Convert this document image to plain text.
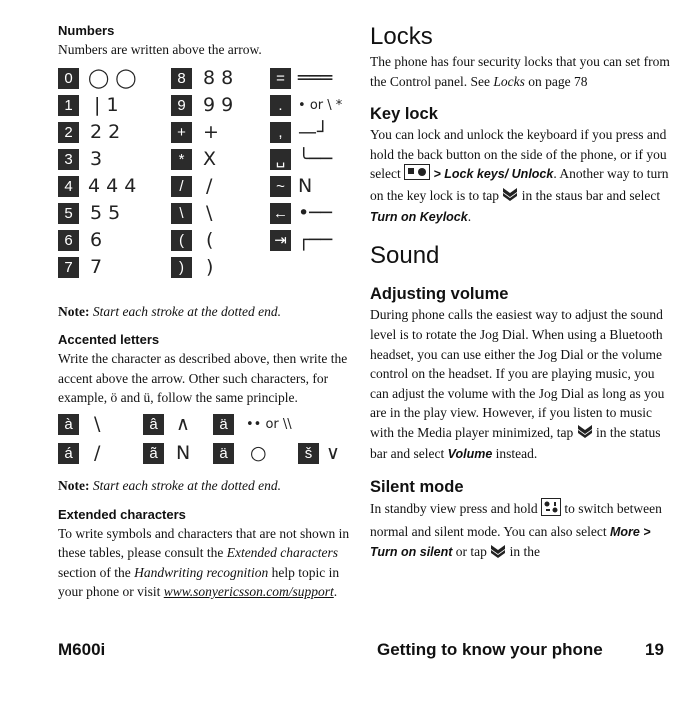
Numbers

Numbers are written above the arrow.

0 ◯ ◯
1	| 1
2 2 2
3 3
4 4 4 4
5 5 5
6 6
7 7
8 8 8
9 9 9
+ +
* X
/	/
\	\
(	(
)	)
= ═══
.	• or \ *
, —┘
␣ ╰──
~ N
← •──
⇥ ┌──

Note: Start each stroke at the dotted end.

Accented letters

Write the character as described above, then write the accent above the arrow. Other such characters, for example, ö and ü, follow the same principle.

à	\	â ∧	ä	•• or \\
á	/	ã N	ä	○	š ∨

Note: Start each stroke at the dotted end.

Extended characters

To write symbols and characters that are not shown in these tables, please consult the Extended characters section of the Handwriting recognition help topic in your phone or visit www.sonyericsson.com/support.

Locks

The phone has four security locks that you can set from the Control panel. See Locks on page 78

Key lock

You can lock and unlock the keyboard if you press and hold the back button on the side of the phone, or if you select	> Lock keys/ Unlock. Another way to turn on the key lock is to tap in the staus bar and select Turn on Keylock.

Sound

Adjusting volume

During phone calls the easiest way to adjust the sound level is to rotate the Jog Dial. When using a Bluetooth headset, you can use either the Jog Dial or the volume control on the headset. If you are playing music, you can adjust the volume with the Jog Dial as long as you are in the play view. However, if you listen to music with the Media player minimized, tap in the status bar and select Volume instead.

Silent mode

In standby view press and hold to switch between normal and silent mode. You can also select More > Turn on silent or tap in the

M600i	Getting to know your phone 19
